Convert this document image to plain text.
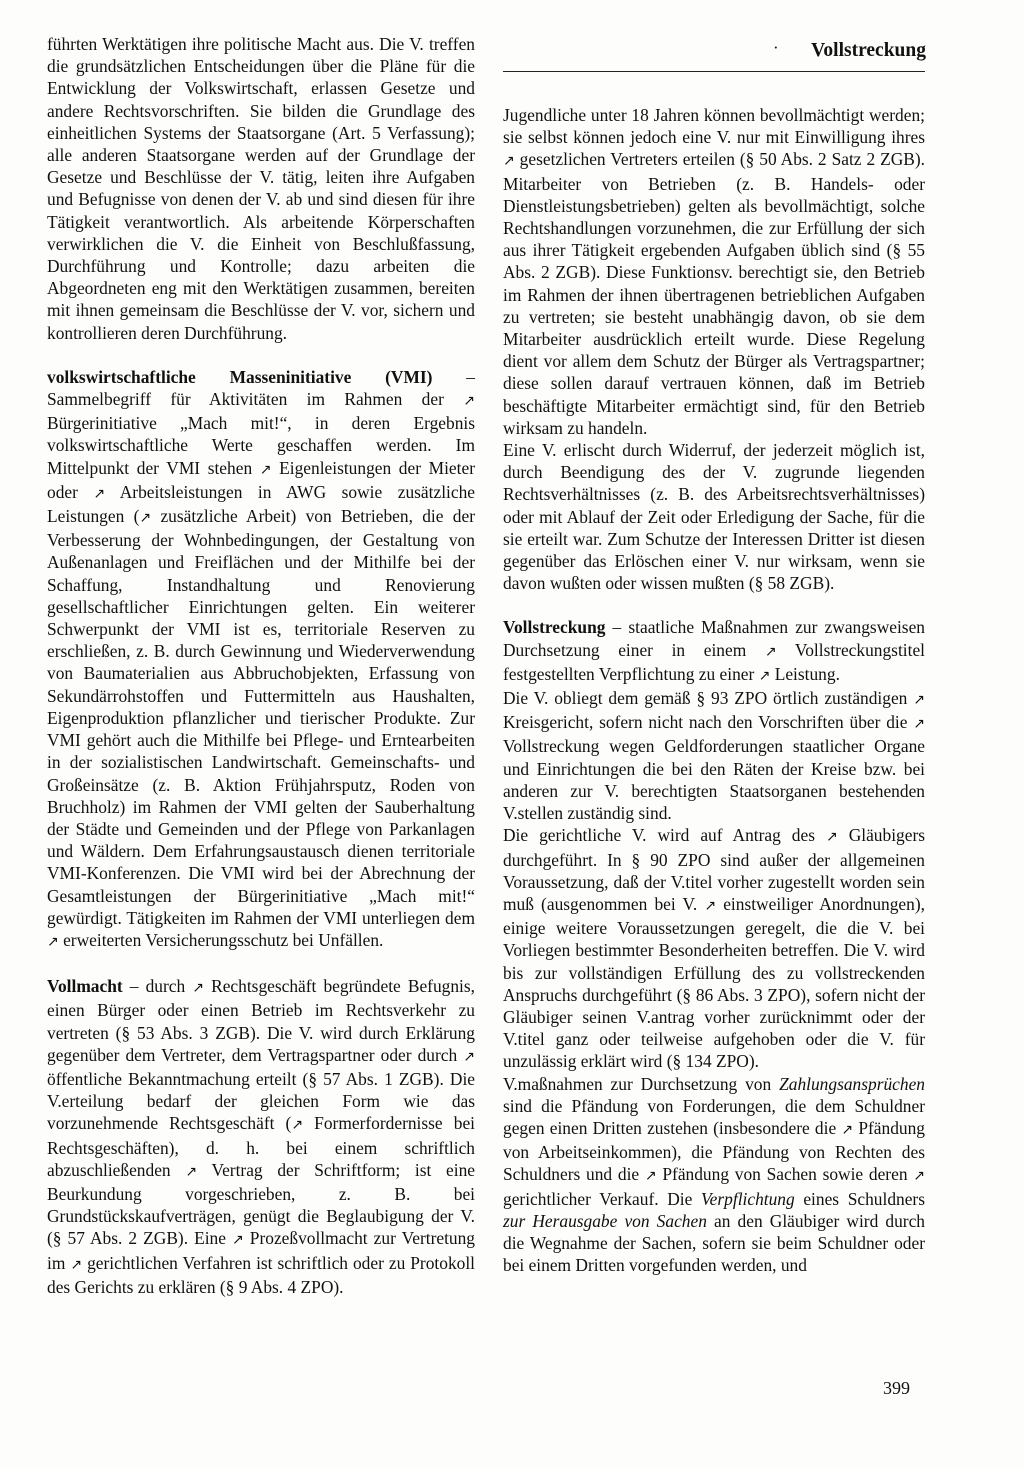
· Vollstreckung

führten Werktätigen ihre politische Macht aus. Die V. treffen die grundsätzlichen Entscheidungen über die Pläne für die Entwicklung der Volkswirtschaft, erlassen Gesetze und andere Rechtsvorschriften. Sie bilden die Grundlage des einheitlichen Systems der Staatsorgane (Art. 5 Verfassung); alle anderen Staatsorgane werden auf der Grundlage der Gesetze und Beschlüsse der V. tätig, leiten ihre Aufgaben und Befugnisse von denen der V. ab und sind diesen für ihre Tätigkeit verantwortlich. Als arbeitende Körperschaften verwirklichen die V. die Einheit von Beschlußfassung, Durchführung und Kontrolle; dazu arbeiten die Abgeordneten eng mit den Werktätigen zusammen, bereiten mit ihnen gemeinsam die Beschlüsse der V. vor, sichern und kontrollieren deren Durchführung.

volkswirtschaftliche Masseninitiative (VMI) – Sammelbegriff für Aktivitäten im Rahmen der ↗ Bürgerinitiative „Mach mit!“, in deren Ergebnis volkswirtschaftliche Werte geschaffen werden. Im Mittelpunkt der VMI stehen ↗ Eigenleistungen der Mieter oder ↗ Arbeitsleistungen in AWG sowie zusätzliche Leistungen (↗ zusätzliche Arbeit) von Betrieben, die der Verbesserung der Wohnbedingungen, der Gestaltung von Außenanlagen und Freiflächen und der Mithilfe bei der Schaffung, Instandhaltung und Renovierung gesellschaftlicher Einrichtungen gelten. Ein weiterer Schwerpunkt der VMI ist es, territoriale Reserven zu erschließen, z. B. durch Gewinnung und Wiederverwendung von Baumaterialien aus Abbruchobjekten, Erfassung von Sekundärrohstoffen und Futtermitteln aus Haushalten, Eigenproduktion pflanzlicher und tierischer Produkte. Zur VMI gehört auch die Mithilfe bei Pflege- und Erntearbeiten in der sozialistischen Landwirtschaft. Gemeinschafts- und Großeinsätze (z. B. Aktion Frühjahrsputz, Roden von Bruchholz) im Rahmen der VMI gelten der Sauberhaltung der Städte und Gemeinden und der Pflege von Parkanlagen und Wäldern. Dem Erfahrungsaustausch dienen territoriale VMI-Konferenzen. Die VMI wird bei der Abrechnung der Gesamtleistungen der Bürgerinitiative „Mach mit!“ gewürdigt. Tätigkeiten im Rahmen der VMI unterliegen dem ↗ erweiterten Versicherungsschutz bei Unfällen.

Vollmacht – durch ↗ Rechtsgeschäft begründete Befugnis, einen Bürger oder einen Betrieb im Rechtsverkehr zu vertreten (§ 53 Abs. 3 ZGB). Die V. wird durch Erklärung gegenüber dem Vertreter, dem Vertragspartner oder durch ↗ öffentliche Bekanntmachung erteilt (§ 57 Abs. 1 ZGB). Die V.erteilung bedarf der gleichen Form wie das vorzunehmende Rechtsgeschäft (↗ Formerfordernisse bei Rechtsgeschäften), d. h. bei einem schriftlich abzuschließenden ↗ Vertrag der Schriftform; ist eine Beurkundung vorgeschrieben, z. B. bei Grundstückskaufverträgen, genügt die Beglaubigung der V. (§ 57 Abs. 2 ZGB). Eine ↗ Prozeßvollmacht zur Vertretung im ↗ gerichtlichen Verfahren ist schriftlich oder zu Protokoll des Gerichts zu erklären (§ 9 Abs. 4 ZPO).

Jugendliche unter 18 Jahren können bevollmächtigt werden; sie selbst können jedoch eine V. nur mit Einwilligung ihres ↗ gesetzlichen Vertreters erteilen (§ 50 Abs. 2 Satz 2 ZGB). Mitarbeiter von Betrieben (z. B. Handels- oder Dienstleistungsbetrieben) gelten als bevollmächtigt, solche Rechtshandlungen vorzunehmen, die zur Erfüllung der sich aus ihrer Tätigkeit ergebenden Aufgaben üblich sind (§ 55 Abs. 2 ZGB). Diese Funktionsv. berechtigt sie, den Betrieb im Rahmen der ihnen übertragenen betrieblichen Aufgaben zu vertreten; sie besteht unabhängig davon, ob sie dem Mitarbeiter ausdrücklich erteilt wurde. Diese Regelung dient vor allem dem Schutz der Bürger als Vertragspartner; diese sollen darauf vertrauen können, daß im Betrieb beschäftigte Mitarbeiter ermächtigt sind, für den Betrieb wirksam zu handeln.

Eine V. erlischt durch Widerruf, der jederzeit möglich ist, durch Beendigung des der V. zugrunde liegenden Rechtsverhältnisses (z. B. des Arbeitsrechtsverhältnisses) oder mit Ablauf der Zeit oder Erledigung der Sache, für die sie erteilt war. Zum Schutze der Interessen Dritter ist diesen gegenüber das Erlöschen einer V. nur wirksam, wenn sie davon wußten oder wissen mußten (§ 58 ZGB).

Vollstreckung – staatliche Maßnahmen zur zwangsweisen Durchsetzung einer in einem ↗ Vollstreckungstitel festgestellten Verpflichtung zu einer ↗ Leistung.

Die V. obliegt dem gemäß § 93 ZPO örtlich zuständigen ↗ Kreisgericht, sofern nicht nach den Vorschriften über die ↗ Vollstreckung wegen Geldforderungen staatlicher Organe und Einrichtungen die bei den Räten der Kreise bzw. bei anderen zur V. berechtigten Staatsorganen bestehenden V.stellen zuständig sind.

Die gerichtliche V. wird auf Antrag des ↗ Gläubigers durchgeführt. In § 90 ZPO sind außer der allgemeinen Voraussetzung, daß der V.titel vorher zugestellt worden sein muß (ausgenommen bei V. ↗ einstweiliger Anordnungen), einige weitere Voraussetzungen geregelt, die die V. bei Vorliegen bestimmter Besonderheiten betreffen. Die V. wird bis zur vollständigen Erfüllung des zu vollstreckenden Anspruchs durchgeführt (§ 86 Abs. 3 ZPO), sofern nicht der Gläubiger seinen V.antrag vorher zurücknimmt oder der V.titel ganz oder teilweise aufgehoben oder die V. für unzulässig erklärt wird (§ 134 ZPO).

V.maßnahmen zur Durchsetzung von Zahlungsansprüchen sind die Pfändung von Forderungen, die dem Schuldner gegen einen Dritten zustehen (insbesondere die ↗ Pfändung von Arbeitseinkommen), die Pfändung von Rechten des Schuldners und die ↗ Pfändung von Sachen sowie deren ↗ gerichtlicher Verkauf. Die Verpflichtung eines Schuldners zur Herausgabe von Sachen an den Gläubiger wird durch die Wegnahme der Sachen, sofern sie beim Schuldner oder bei einem Dritten vorgefunden werden, und

399
